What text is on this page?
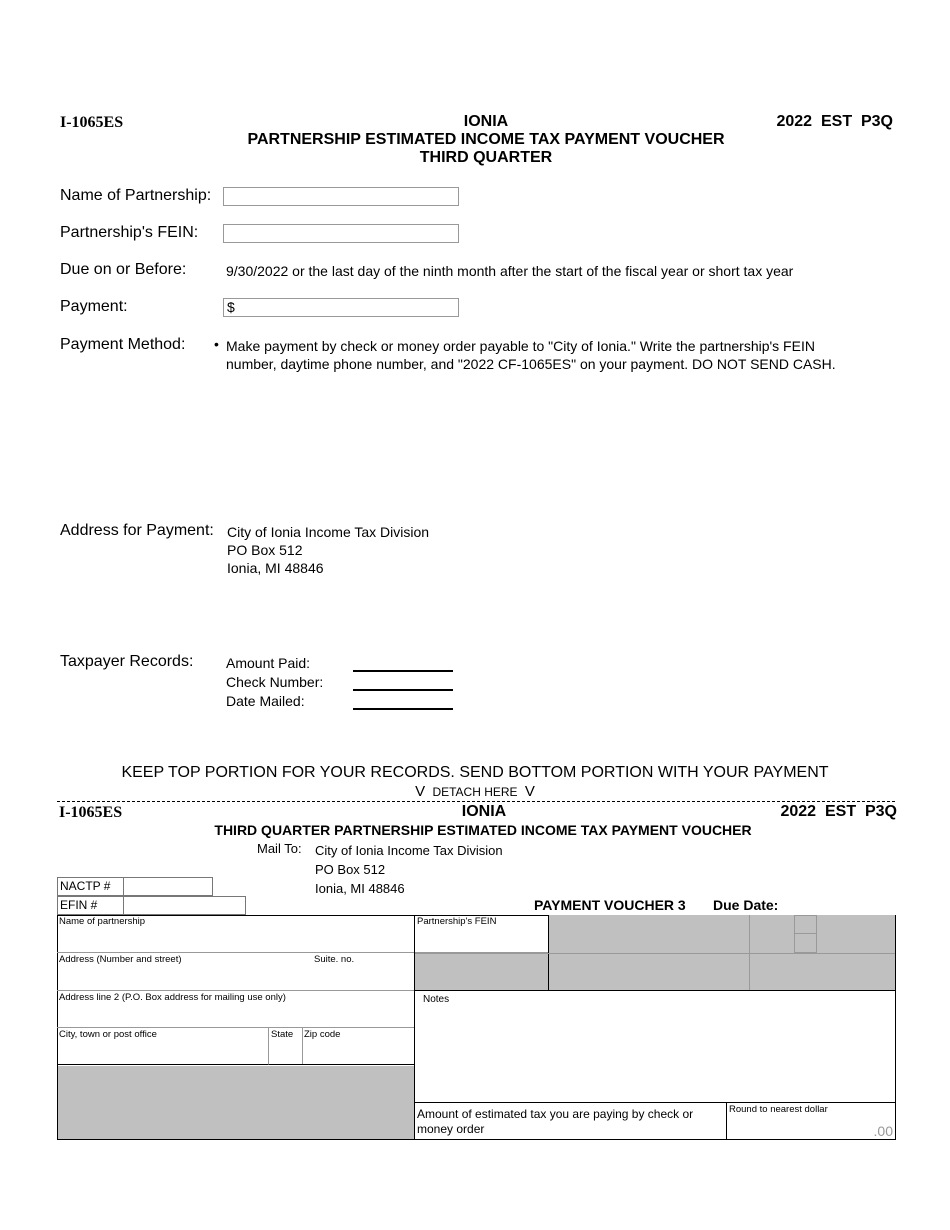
I-1065ES	IONIA
PARTNERSHIP ESTIMATED INCOME TAX PAYMENT VOUCHER
THIRD QUARTER
2022  EST  P3Q
Name of Partnership:
Partnership's FEIN:
Due on or Before:	9/30/2022 or the last day of the ninth month after the start of the fiscal year or short tax year
Payment:	$
Payment Method: • Make payment by check or money order payable to "City of Ionia." Write the partnership's FEIN
number, daytime phone number, and "2022 CF-1065ES" on your payment. DO NOT SEND CASH.
Address for Payment: City of Ionia Income Tax Division
PO Box 512
Ionia, MI 48846
Taxpayer Records: Amount Paid:
Check Number:
Date Mailed:
KEEP TOP PORTION FOR YOUR RECORDS. SEND BOTTOM PORTION WITH YOUR PAYMENT
V DETACH HERE V
I-1065ES	IONIA	2022  EST  P3Q
THIRD QUARTER PARTNERSHIP ESTIMATED INCOME TAX PAYMENT VOUCHER
Mail To: City of Ionia Income Tax Division
PO Box 512
Ionia, MI 48846
NACTP #
EFIN #	PAYMENT VOUCHER 3 Due Date:
Name of partnership
Address (Number and street)	Suite. no.
Address line 2 (P.O. Box address for mailing use only)
City, town or post office	State Zip code
Partnership's FEIN
Notes
Amount of estimated tax you are paying by check or money order
Round to nearest dollar
.00
